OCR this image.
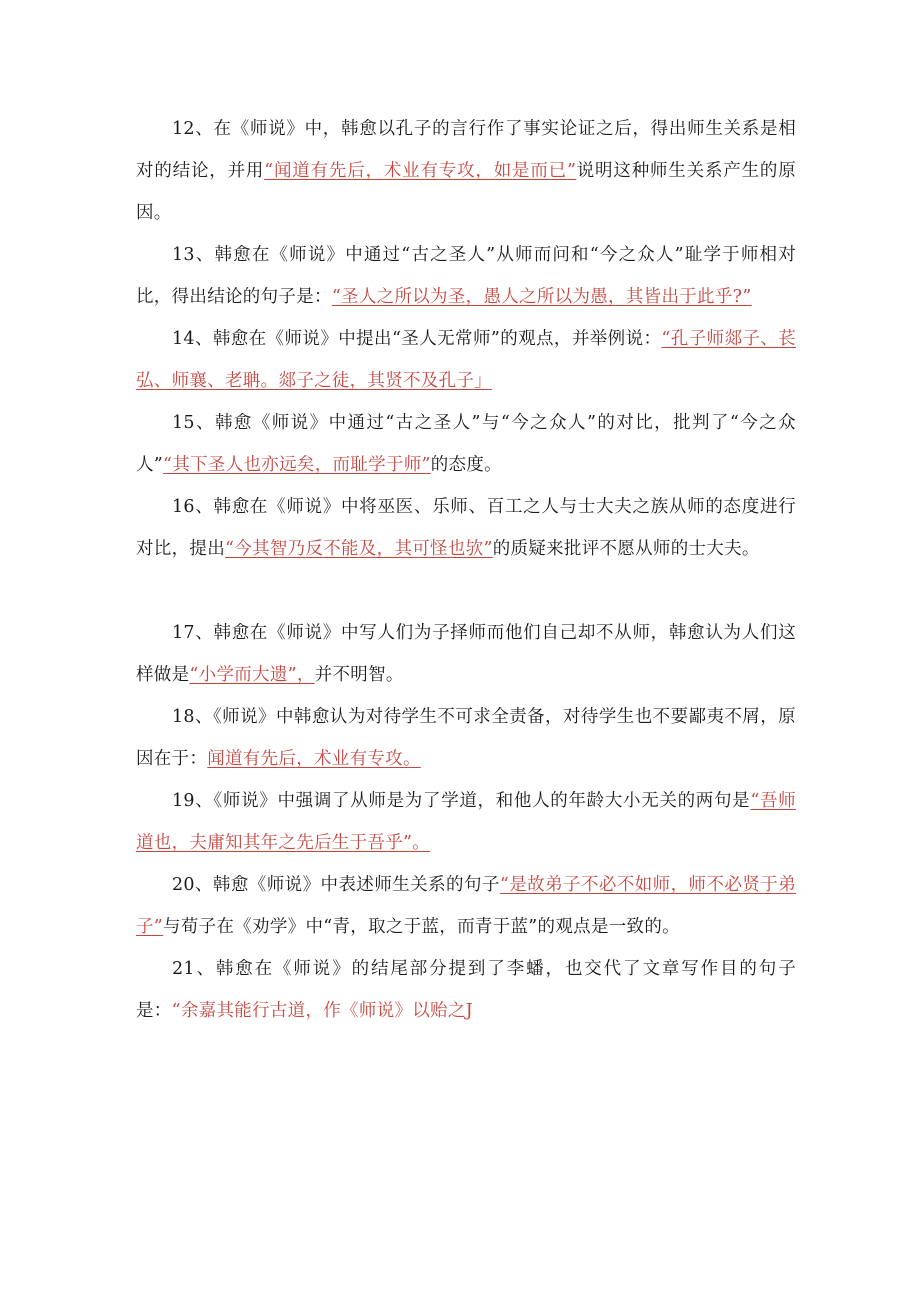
12、在《师说》中，韩愈以孔子的言行作了事实论证之后，得出师生关系是相对的结论，并用“闻道有先后，术业有专攻，如是而已”说明这种师生关系产生的原因。

13、韩愈在《师说》中通过“古之圣人”从师而问和“今之众人”耻学于师相对比，得出结论的句子是：“圣人之所以为圣，愚人之所以为愚，其皆出于此乎?”

14、韩愈在《师说》中提出“圣人无常师”的观点，并举例说：“孔子师郯子、苌弘、师襄、老聃。郯子之徒，其贤不及孔子」

15、韩愈《师说》中通过“古之圣人”与“今之众人”的对比，批判了“今之众人”“其下圣人也亦远矣，而耻学于师”的态度。

16、韩愈在《师说》中将巫医、乐师、百工之人与士大夫之族从师的态度进行对比，提出“今其智乃反不能及，其可怪也欤”的质疑来批评不愿从师的士大夫。

17、韩愈在《师说》中写人们为子择师而他们自己却不从师，韩愈认为人们这样做是“小学而大遗”，并不明智。

18、《师说》中韩愈认为对待学生不可求全责备，对待学生也不要鄙夷不屑，原因在于：闻道有先后，术业有专攻。

19、《师说》中强调了从师是为了学道，和他人的年龄大小无关的两句是“吾师道也，夫庸知其年之先后生于吾乎”。

20、韩愈《师说》中表述师生关系的句子“是故弟子不必不如师，师不必贤于弟子”与荀子在《劝学》中“青，取之于蓝，而青于蓝”的观点是一致的。

21、韩愈在《师说》的结尾部分提到了李蟠，也交代了文章写作目的句子是：“余嘉其能行古道，作《师说》以贻之J
